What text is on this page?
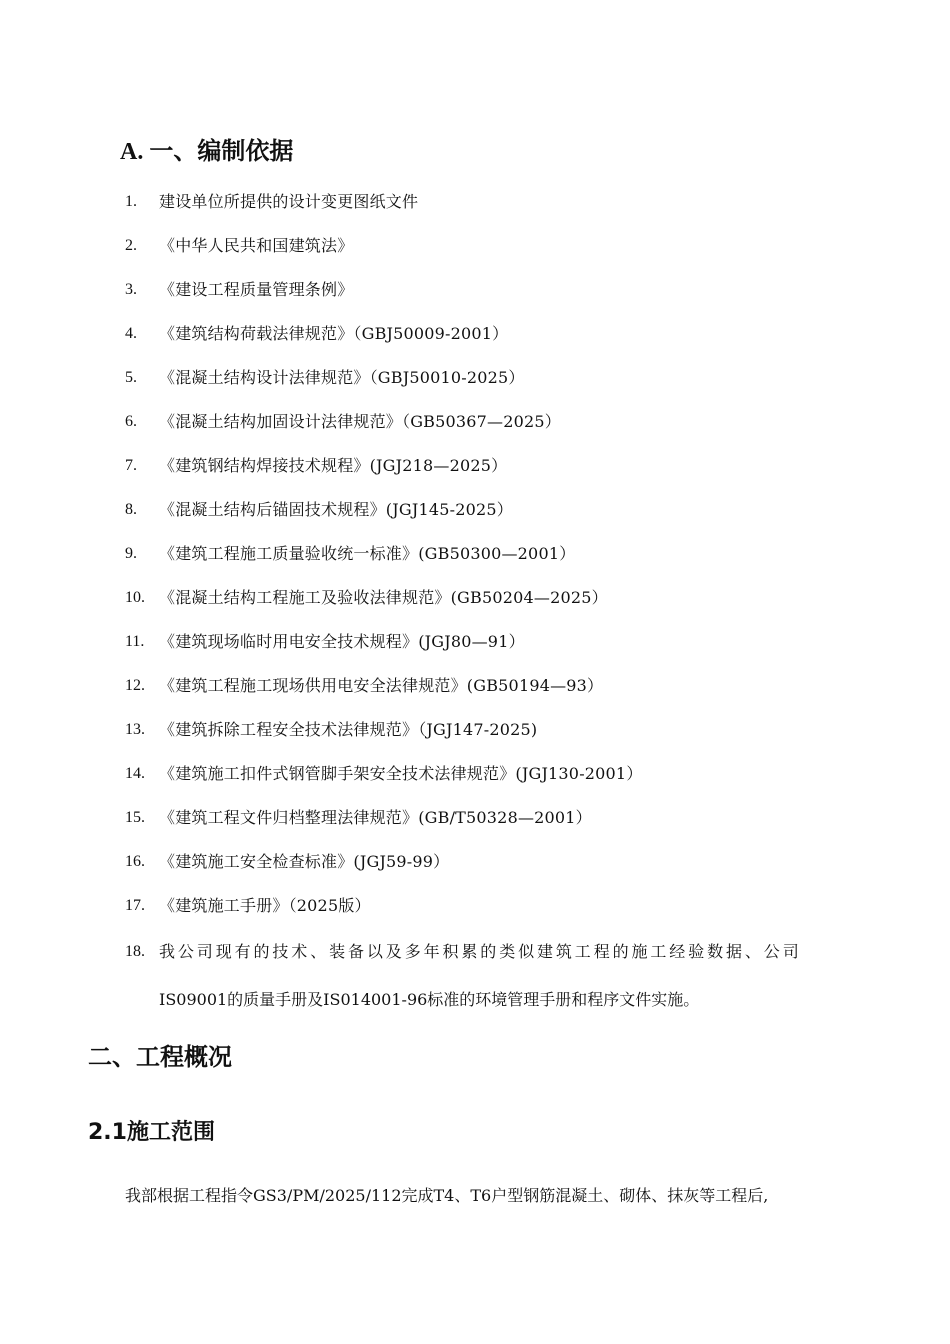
A. 一、编制依据
1.	建设单位所提供的设计变更图纸文件
2.	《中华人民共和国建筑法》
3.	《建设工程质量管理条例》
4.	《建筑结构荷载法律规范》（GBJ50009-2001）
5.	《混凝土结构设计法律规范》（GBJ50010-2025）
6.	《混凝土结构加固设计法律规范》（GB50367—2025）
7.	《建筑钢结构焊接技术规程》(JGJ218—2025）
8.	《混凝土结构后锚固技术规程》(JGJ145-2025）
9.	《建筑工程施工质量验收统一标准》(GB50300—2001）
10. 《混凝土结构工程施工及验收法律规范》(GB50204—2025）
11. 《建筑现场临时用电安全技术规程》(JGJ80—91）
12. 《建筑工程施工现场供用电安全法律规范》(GB50194—93）
13. 《建筑拆除工程安全技术法律规范》（JGJ147-2025)
14. 《建筑施工扣件式钢管脚手架安全技术法律规范》(JGJ130-2001）
15. 《建筑工程文件归档整理法律规范》(GB/T50328—2001）
16. 《建筑施工安全检查标准》(JGJ59-99）
17. 《建筑施工手册》（2025版）
18. 我公司现有的技术、装备以及多年积累的类似建筑工程的施工经验数据、公司
IS09001的质量手册及IS014001-96标准的环境管理手册和程序文件实施。
二、工程概况
2.1施工范围
我部根据工程指令GS3/PM/2025/112完成T4、T6户型钢筋混凝土、砌体、抹灰等工程后,
